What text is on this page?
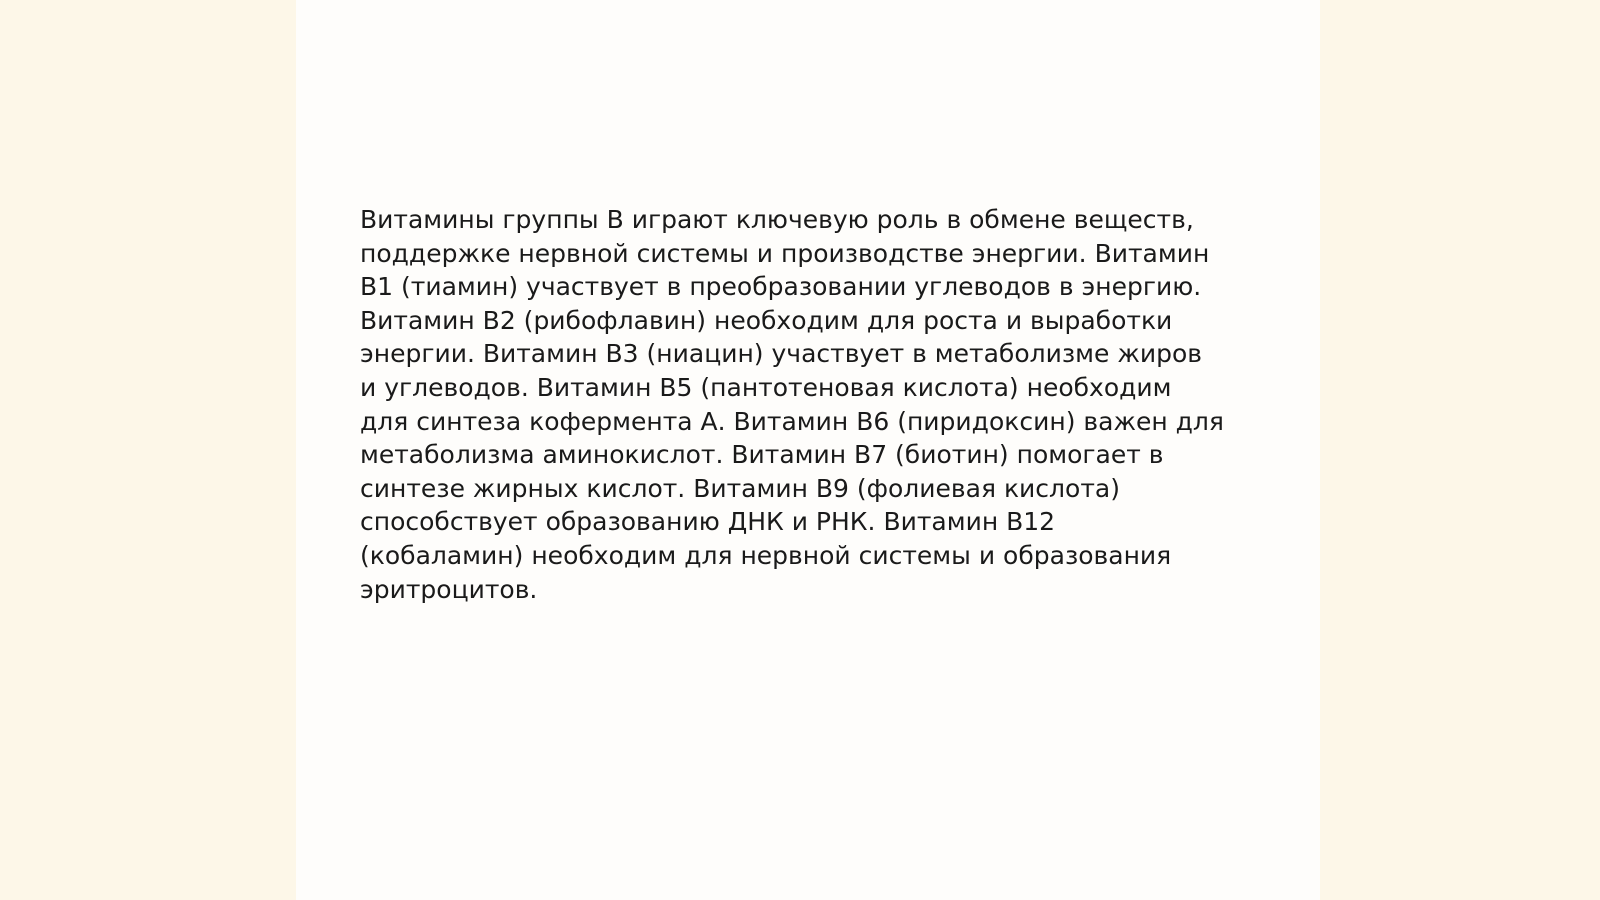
Витамины группы B играют ключевую роль в обмене веществ,
поддержке нервной системы и производстве энергии. Витамин
B1 (тиамин) участвует в преобразовании углеводов в энергию.
Витамин B2 (рибофлавин) необходим для роста и выработки
энергии. Витамин B3 (ниацин) участвует в метаболизме жиров
и углеводов. Витамин B5 (пантотеновая кислота) необходим
для синтеза кофермента А. Витамин B6 (пиридоксин) важен для
метаболизма аминокислот. Витамин B7 (биотин) помогает в
синтезе жирных кислот. Витамин B9 (фолиевая кислота)
способствует образованию ДНК и РНК. Витамин B12
(кобаламин) необходим для нервной системы и образования
эритроцитов.
